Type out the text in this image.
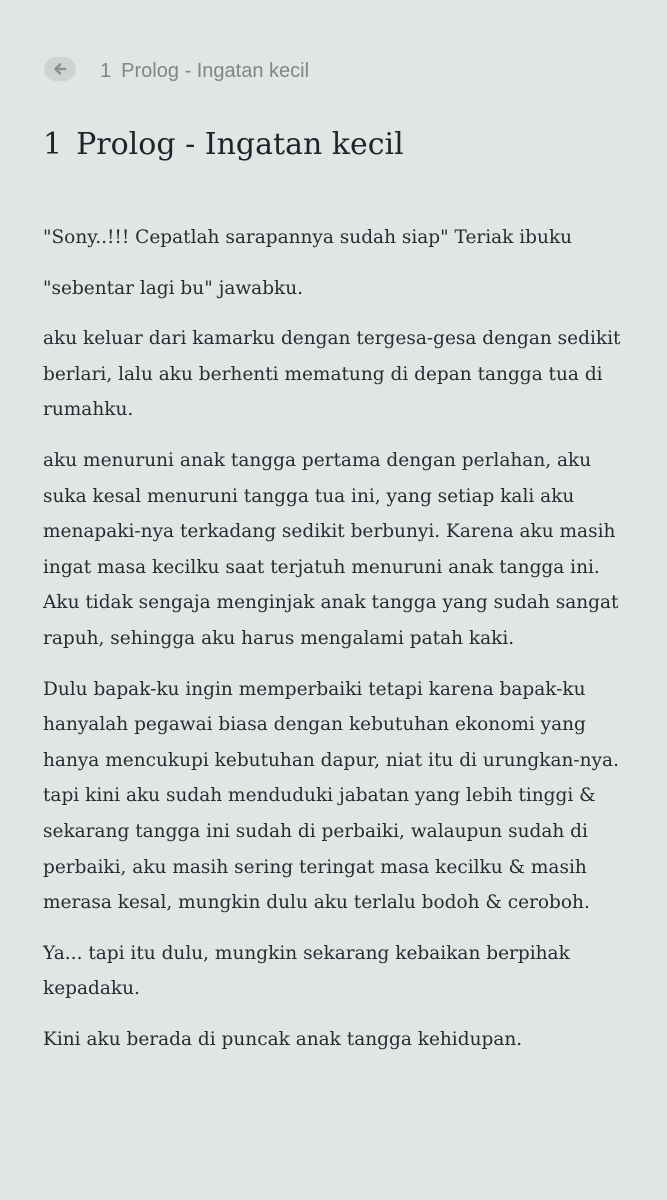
1 Prolog - Ingatan kecil
1 Prolog - Ingatan kecil

"Sony..!!! Cepatlah sarapannya sudah siap" Teriak ibuku

"sebentar lagi bu" jawabku.

aku keluar dari kamarku dengan tergesa-gesa dengan sedikit berlari, lalu aku berhenti mematung di depan tangga tua di rumahku.

aku menuruni anak tangga pertama dengan perlahan, aku suka kesal menuruni tangga tua ini, yang setiap kali aku menapaki-nya terkadang sedikit berbunyi. Karena aku masih ingat masa kecilku saat terjatuh menuruni anak tangga ini. Aku tidak sengaja menginjak anak tangga yang sudah sangat rapuh, sehingga aku harus mengalami patah kaki.

Dulu bapak-ku ingin memperbaiki tetapi karena bapak-ku hanyalah pegawai biasa dengan kebutuhan ekonomi yang hanya mencukupi kebutuhan dapur, niat itu di urungkan-nya. tapi kini aku sudah menduduki jabatan yang lebih tinggi & sekarang tangga ini sudah di perbaiki, walaupun sudah di perbaiki, aku masih sering teringat masa kecilku & masih merasa kesal, mungkin dulu aku terlalu bodoh & ceroboh.

Ya... tapi itu dulu, mungkin sekarang kebaikan berpihak kepadaku.

Kini aku berada di puncak anak tangga kehidupan.
